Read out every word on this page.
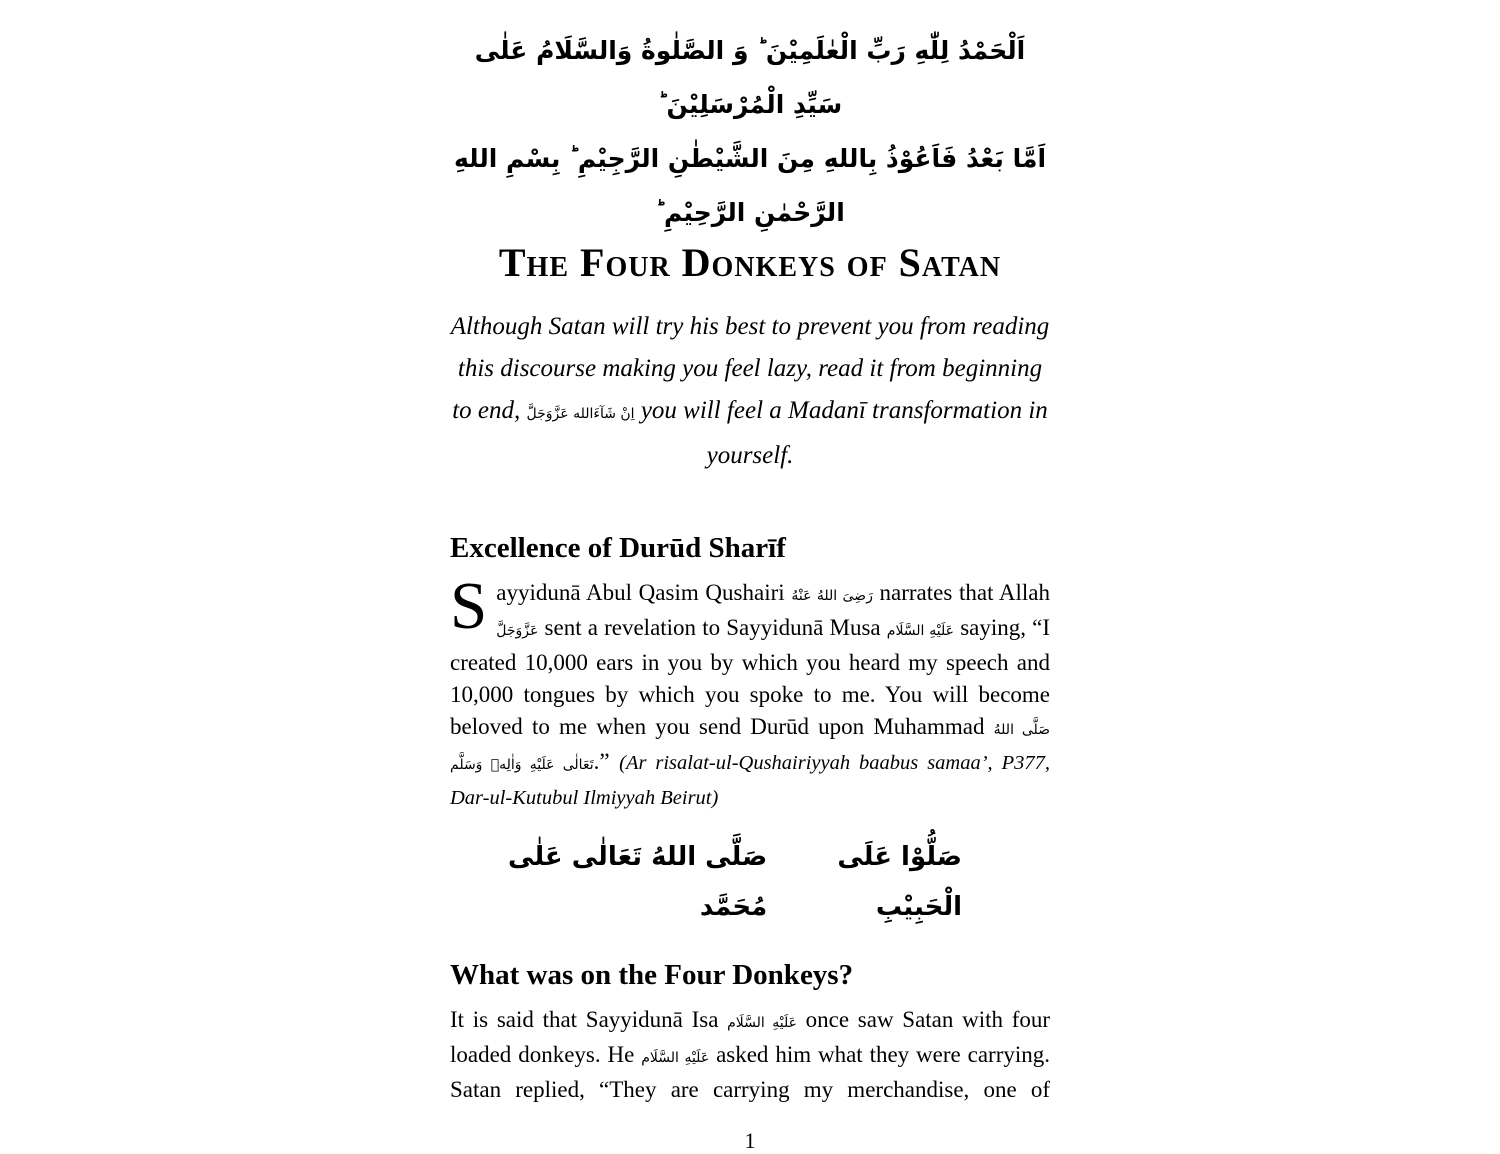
اَلْحَمْدُ لِلّٰهِ رَبِّ الْعٰلَمِيْنَ ؕ وَ الصَّلٰوةُ وَالسَّلَامُ عَلٰى سَيِّدِ الْمُرْسَلِيْنَ ؕ
اَمَّا بَعْدُ فَاَعُوْذُ بِاللهِ مِنَ الشَّيْطٰنِ الرَّجِيْمِ ؕ بِسْمِ اللهِ الرَّحْمٰنِ الرَّحِيْمِ ؕ
The Four Donkeys of Satan
Although Satan will try his best to prevent you from reading this discourse making you feel lazy, read it from beginning to end, اِنْ شَآءَالله عَزَّوَجَلَّ you will feel a Madanī transformation in yourself.
Excellence of Durūd Sharīf

S ayyidunā Abul Qasim Qushairi رَضِىَ اللهُ عَنْهُ narrates that Allah عَزَّوَجَلَّ sent a revelation to Sayyidunā Musa عَلَيْهِ السَّلَام saying, “I created 10,000 ears in you by which you heard my speech and 10,000 tongues by which you spoke to me. You will become beloved to me when you send Durūd upon Muhammad صَلَّى اللهُ تَعَالٰى عَلَيْهِ وَاٰلِهٖ وَسَلَّم.” (Ar risalat-ul-Qushairiyyah baabus samaa’, P377, Dar-ul-Kutubul Ilmiyyah Beirut)

صَلَّى اللهُ تَعَالٰى عَلٰى مُحَمَّد
صَلُّوْا عَلَى الْحَبِيْبِ
What was on the Four Donkeys?

It is said that Sayyidunā Isa عَلَيْهِ السَّلَام once saw Satan with four loaded donkeys. He عَلَيْهِ السَّلَام asked him what they were carrying. Satan replied, “They are carrying my merchandise, one of

1
